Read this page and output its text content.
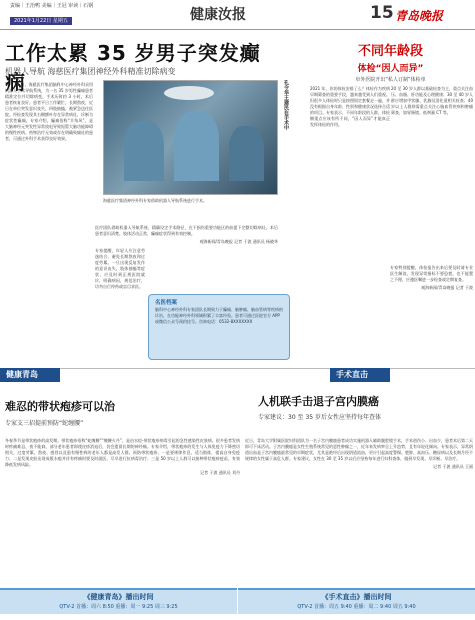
责编｜王治鸭 美编｜王冠 审读｜石钢
2021年1月22日 星期五	健康汝报	15 青岛晚报
工作太累 35 岁男子突发癫痫
机器人导航 海慈医疗集团神经外科精准切除病变
1 月 18 日，海慈医疗集团脑科中心神经外科采用机器人手术导航系统，为一名 35 岁男性癫痫患者精准定位并切除病变，手术历时约 3 小时，术后患者恢复良好。患者平日工作繁忙，长期熬夜，近日在单位突发意识丧失、四肢抽搐，被紧急送往医院。经检查发现其右侧额叶存在异常病灶，诊断为症状性癫痫。专家介绍，癫痫俗称“羊角风”，是大脑神经元突发性异常放电导致短暂大脑功能障碍的慢性疾病。药物治疗无效或存在明确致痫灶的患者，可通过外科手术获得良好效果。
孔令华王建民在手术中
海慈医疗集团神经外科专家借助机器人导航系统进行手术。
医疗团队借助机器人导航系统，精确设定手术路径，在不损伤重要功能区的前提下完整切除病灶。术后患者意识清楚、肢体活动正常，癫痫症状得到有效控制。
观海新闻/青岛晚报 记者 于波 通讯员 杨晓华
专家提醒，年轻人应注意劳逸结合，避免长期熬夜和过度劳累。一旦出现反复发作的意识丧失、肢体抽搐等症状，应及时到正规医院就诊，明确病因，规范治疗，切勿自行停药或盲目求医。
名医档案
脑科中心神经外科专家团队长期致力于癫痫、脑肿瘤、脑血管病等疾病的诊治，在功能神经外科领域积累了丰富经验。患者可通过医院官方 APP 或微信公众号预约挂号。咨询电话：0532-8XXXXXXX
不同年龄段
体检“因人而异”
阜外医院开出“私人订制”体检单
2021 年，你的体检安排了么？体检作为疾病早期筛查的重要手段，越来越受到人们重视。但很多人体检时只是按照固定套餐走一遍，并没有根据自身年龄、性别和健康状况选择合适的项目。专家表示，不同年龄段的人群，体检侧重点应该有所不同，“因人而异”才能真正发挥体检的作用。
20 至 30 岁人群以基础检查为主，重点关注血压、血脂、肝功能及心理健康；30 至 40 岁人群应增加甲状腺、乳腺及消化道相关检查；40 岁以上人群则需重点关注心脑血管疾病和肿瘤筛查，如胃肠镜、低剂量 CT 等。
专家特别提醒，体检报告出来后要及时请专业医生解读，发现异常指标不要恐慌，也不能置之不理，应遵医嘱进一步检查或定期复查。
观海新闻/青岛晚报 记者 于波
健康青岛	手术直击
难忍的带状疱疹可以治
专家支三招提前预防“蛇缠腰”
冬春季节是带状疱疹的高发期。带状疱疹俗称“蛇缠腰”“缠腰火丹”，是由水痘-带状疱疹病毒引起的急性感染性皮肤病。很多患者发病时疼痛难忍，夜不能寐，部分老年患者即使皮疹消退后，仍会遗留长期的神经痛。专家介绍，带状疱疹的发生与人体免疫力下降密切相关，过度劳累、熬夜、感冒以及患有慢性病的老年人都是高发人群。预防带状疱疹，一是要规律作息、适当锻炼，提高自身免疫力；二是发现皮肤出现成簇水疱并伴有疼痛时要及时就医，尽早进行抗病毒治疗；三是 50 岁以上人群可以接种带状疱疹疫苗，有效降低发病风险。
记者 于波 通讯员 刘丹
人机联手击退子宫内膜癌
专家建议：30 至 35 岁后女性应坚持每年查体
近日，青岛大学附属医院妇科团队为一名子宫内膜癌患者成功实施机器人辅助腹腔镜手术，手术创伤小、出血少，患者术后第二天即可下床活动。子宫内膜癌是女性生殖系统常见的恶性肿瘤之一，近年来发病率呈上升趋势，且有年轻化倾向。专家表示，异常阴道出血是子宫内膜癌最常见的早期症状，尤其是绝经后出现阴道流血，更应引起高度警惕。肥胖、高血压、糖尿病以及长期月经不规律的女性属于高危人群。专家建议，女性在 30 至 35 岁以后应坚持每年进行妇科查体，做到早发现、早诊断、早治疗。
记者 于波 通讯员 王丽
《健康青岛》播出时间
QTV-2 首播：周六 8:50 重播：周一 9:25 周三 9:25
《手术直击》播出时间
QTV-2 首播：周五 9:40 重播：周二 9:40 周五 9:40
